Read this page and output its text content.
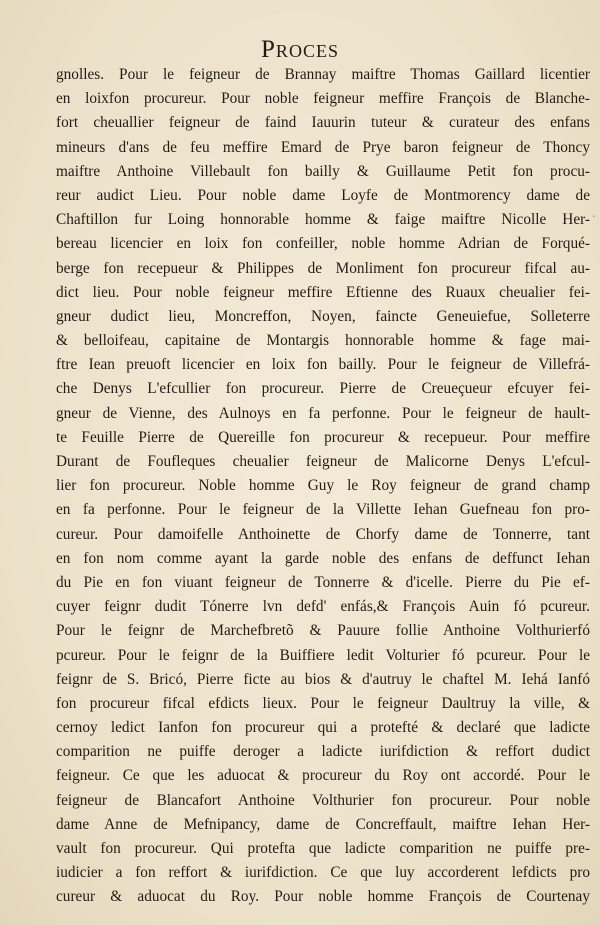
Proces
gnolles. Pour le feigneur de Brannay maiftre Thomas Gaillard licentier
en loixfon procureur. Pour noble feigneur meffire François de Blanche-
fort cheuallier feigneur de faind Iauurin tuteur & curateur des enfans
mineurs d'ans de feu meffire Emard de Prye baron feigneur de Thoncy
maiftre Anthoine Villebault fon bailly & Guillaume Petit fon procu-
reur audict Lieu. Pour noble dame Loyfe de Montmorency dame de
Chaftillon fur Loing honnorable homme & faige maiftre Nicolle Her-
bereau licencier en loix fon confeiller, noble homme Adrian de Forqué-
berge fon recepueur & Philippes de Monliment fon procureur fifcal au-
dict lieu. Pour noble feigneur meffire Eftienne des Ruaux cheualier fei-
gneur dudict lieu, Moncreffon, Noyen, faincte Geneuiefue, Solleterre
& belloifeau, capitaine de Montargis honnorable homme & fage mai-
ftre Iean preuoft licencier en loix fon bailly. Pour le feigneur de Villefrá-
che Denys L'efcullier fon procureur. Pierre de Creueçueur efcuyer fei-
gneur de Vienne, des Aulnoys en fa perfonne. Pour le feigneur de hault-
te Feuille Pierre de Quereille fon procureur & recepueur. Pour meffire
Durant de Foufleques cheualier feigneur de Malicorne Denys L'efcul-
lier fon procureur. Noble homme Guy le Roy feigneur de grand champ
en fa perfonne. Pour le feigneur de la Villette Iehan Guefneau fon pro-
cureur. Pour damoifelle Anthoinette de Chorfy dame de Tonnerre, tant
en fon nom comme ayant la garde noble des enfans de deffunct Iehan
du Pie en fon viuant feigneur de Tonnerre & d'icelle. Pierre du Pie ef-
cuyer feignr dudit Tónerre lvn defd' enfás,& François Auin fó pcureur.
Pour le feignr de Marchefbretõ & Pauure follie Anthoine Volthurierfó
pcureur. Pour le feignr de la Buiffiere ledit Volturier fó pcureur. Pour le
feignr de S. Bricó, Pierre ficte au bios & d'autruy le chaftel M. Iehá Ianfó
fon procureur fifcal efdicts lieux. Pour le feigneur Daultruy la ville, &
cernoy ledict Ianfon fon procureur qui a protefté & declaré que ladicte
comparition ne puiffe deroger a ladicte iurifdiction & reffort dudict
feigneur. Ce que les aduocat & procureur du Roy ont accordé. Pour le
feigneur de Blancafort Anthoine Volthurier fon procureur. Pour noble
dame Anne de Mefnipancy, dame de Concreffault, maiftre Iehan Her-
vault fon procureur. Qui protefta que ladicte comparition ne puiffe pre-
iudicier a fon reffort & iurifdiction. Ce que luy accorderent lefdicts pro
cureur & aduocat du Roy. Pour noble homme François de Courtenay
·
